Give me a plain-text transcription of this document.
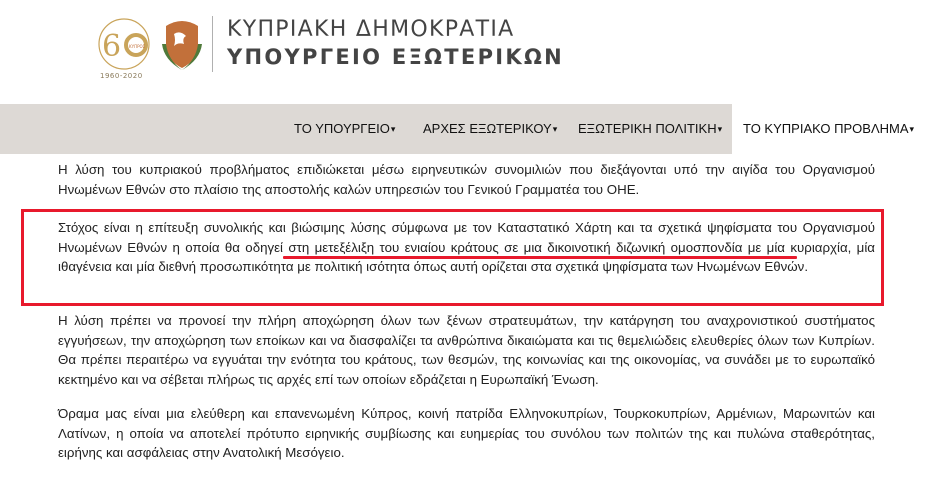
6 ΚΥΠΡΟΣ
1960-2020
ΚΥΠΡΙΑΚΗ ΔΗΜΟΚΡΑΤΙΑ
ΥΠΟΥΡΓΕΙΟ ΕΞΩΤΕΡΙΚΩΝ
ΤΟ ΥΠΟΥΡΓΕΙΟ▾ ΑΡΧΕΣ ΕΞΩΤΕΡΙΚΟΥ▾ ΕΞΩΤΕΡΙΚΗ ΠΟΛΙΤΙΚΗ▾	ΤΟ ΚΥΠΡΙΑΚΟ ΠΡΟΒΛΗΜΑ▾

Η λύση του κυπριακού προβλήματος επιδιώκεται μέσω ειρηνευτικών συνομιλιών που διεξάγονται υπό την αιγίδα του Οργανισμού Ηνωμένων Εθνών στο πλαίσιο της αποστολής καλών υπηρεσιών του Γενικού Γραμματέα του ΟΗΕ.

Στόχος είναι η επίτευξη συνολικής και βιώσιμης λύσης σύμφωνα με τον Καταστατικό Χάρτη και τα σχετικά ψηφίσματα του Οργανισμού Ηνωμένων Εθνών η οποία θα οδηγεί στη μετεξέλιξη του ενιαίου κράτους σε μια δικοινοτική διζωνική ομοσπονδία με μία κυριαρχία, μία ιθαγένεια και μία διεθνή προσωπικότητα με πολιτική ισότητα όπως αυτή ορίζεται στα σχετικά ψηφίσματα των Ηνωμένων Εθνών.

Η λύση πρέπει να προνοεί την πλήρη αποχώρηση όλων των ξένων στρατευμάτων, την κατάργηση του αναχρονιστικού συστήματος εγγυήσεων, την αποχώρηση των εποίκων και να διασφαλίζει τα ανθρώπινα δικαιώματα και τις θεμελιώδεις ελευθερίες όλων των Κυπρίων. Θα πρέπει περαιτέρω να εγγυάται την ενότητα του κράτους, των θεσμών, της κοινωνίας και της οικονομίας, να συνάδει με το ευρωπαϊκό κεκτημένο και να σέβεται πλήρως τις αρχές επί των οποίων εδράζεται η Ευρωπαϊκή Ένωση.

Όραμα μας είναι μια ελεύθερη και επανενωμένη Κύπρος, κοινή πατρίδα Ελληνοκυπρίων, Τουρκοκυπρίων, Αρμένιων, Μαρωνιτών και Λατίνων, η οποία να αποτελεί πρότυπο ειρηνικής συμβίωσης και ευημερίας του συνόλου των πολιτών της και πυλώνα σταθερότητας, ειρήνης και ασφάλειας στην Ανατολική Μεσόγειο.
